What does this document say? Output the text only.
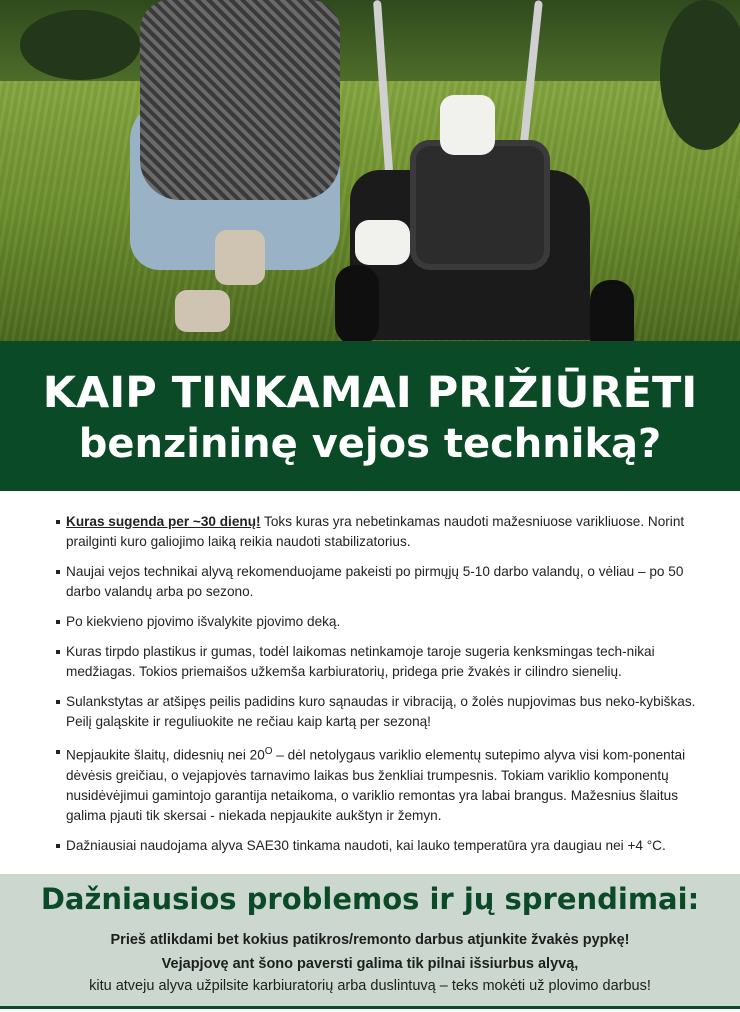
KAIP TINKAMAI PRIŽIŪRĖTI
benzininę vejos techniką?
Kuras sugenda per ~30 dienų! Toks kuras yra nebetinkamas naudoti mažesniuose varikliuose. Norint prailginti kuro galiojimo laiką reikia naudoti stabilizatorius.
Naujai vejos technikai alyvą rekomenduojame pakeisti po pirmųjų 5-10 darbo valandų, o vėliau – po 50 darbo valandų arba po sezono.
Po kiekvieno pjovimo išvalykite pjovimo deką.
Kuras tirpdo plastikus ir gumas, todėl laikomas netinkamoje taroje sugeria kenksmingas tech-nikai medžiagas. Tokios priemaišos užkemša karbiuratorių, pridega prie žvakės ir cilindro sienelių.
Sulankstytas ar atšipęs peilis padidins kuro sąnaudas ir vibraciją, o žolės nupjovimas bus neko-kybiškas. Peilį galąskite ir reguliuokite ne rečiau kaip kartą per sezoną!
Nepjaukite šlaitų, didesnių nei $20^O$ – dėl netolygaus variklio elementų sutepimo alyva visi kom-ponentai dėvėsis greičiau, o vejapjovės tarnavimo laikas bus ženkliai trumpesnis. Tokiam variklio komponentų nusidėvėjimui gamintojo garantija netaikoma, o variklio remontas yra labai brangus. Mažesnius šlaitus galima pjauti tik skersai - niekada nepjaukite aukštyn ir žemyn.
Dažniausiai naudojama alyva SAE30 tinkama naudoti, kai lauko temperatūra yra daugiau nei +4 °C.
Dažniausios problemos ir jų sprendimai:
Prieš atlikdami bet kokius patikros/remonto darbus atjunkite žvakės pypkę!
Vejapjovę ant šono paversti galima tik pilnai išsiurbus alyvą,
kitu atveju alyva užpilsite karbiuratorių arba duslintuvą – teks mokėti už plovimo darbus!
